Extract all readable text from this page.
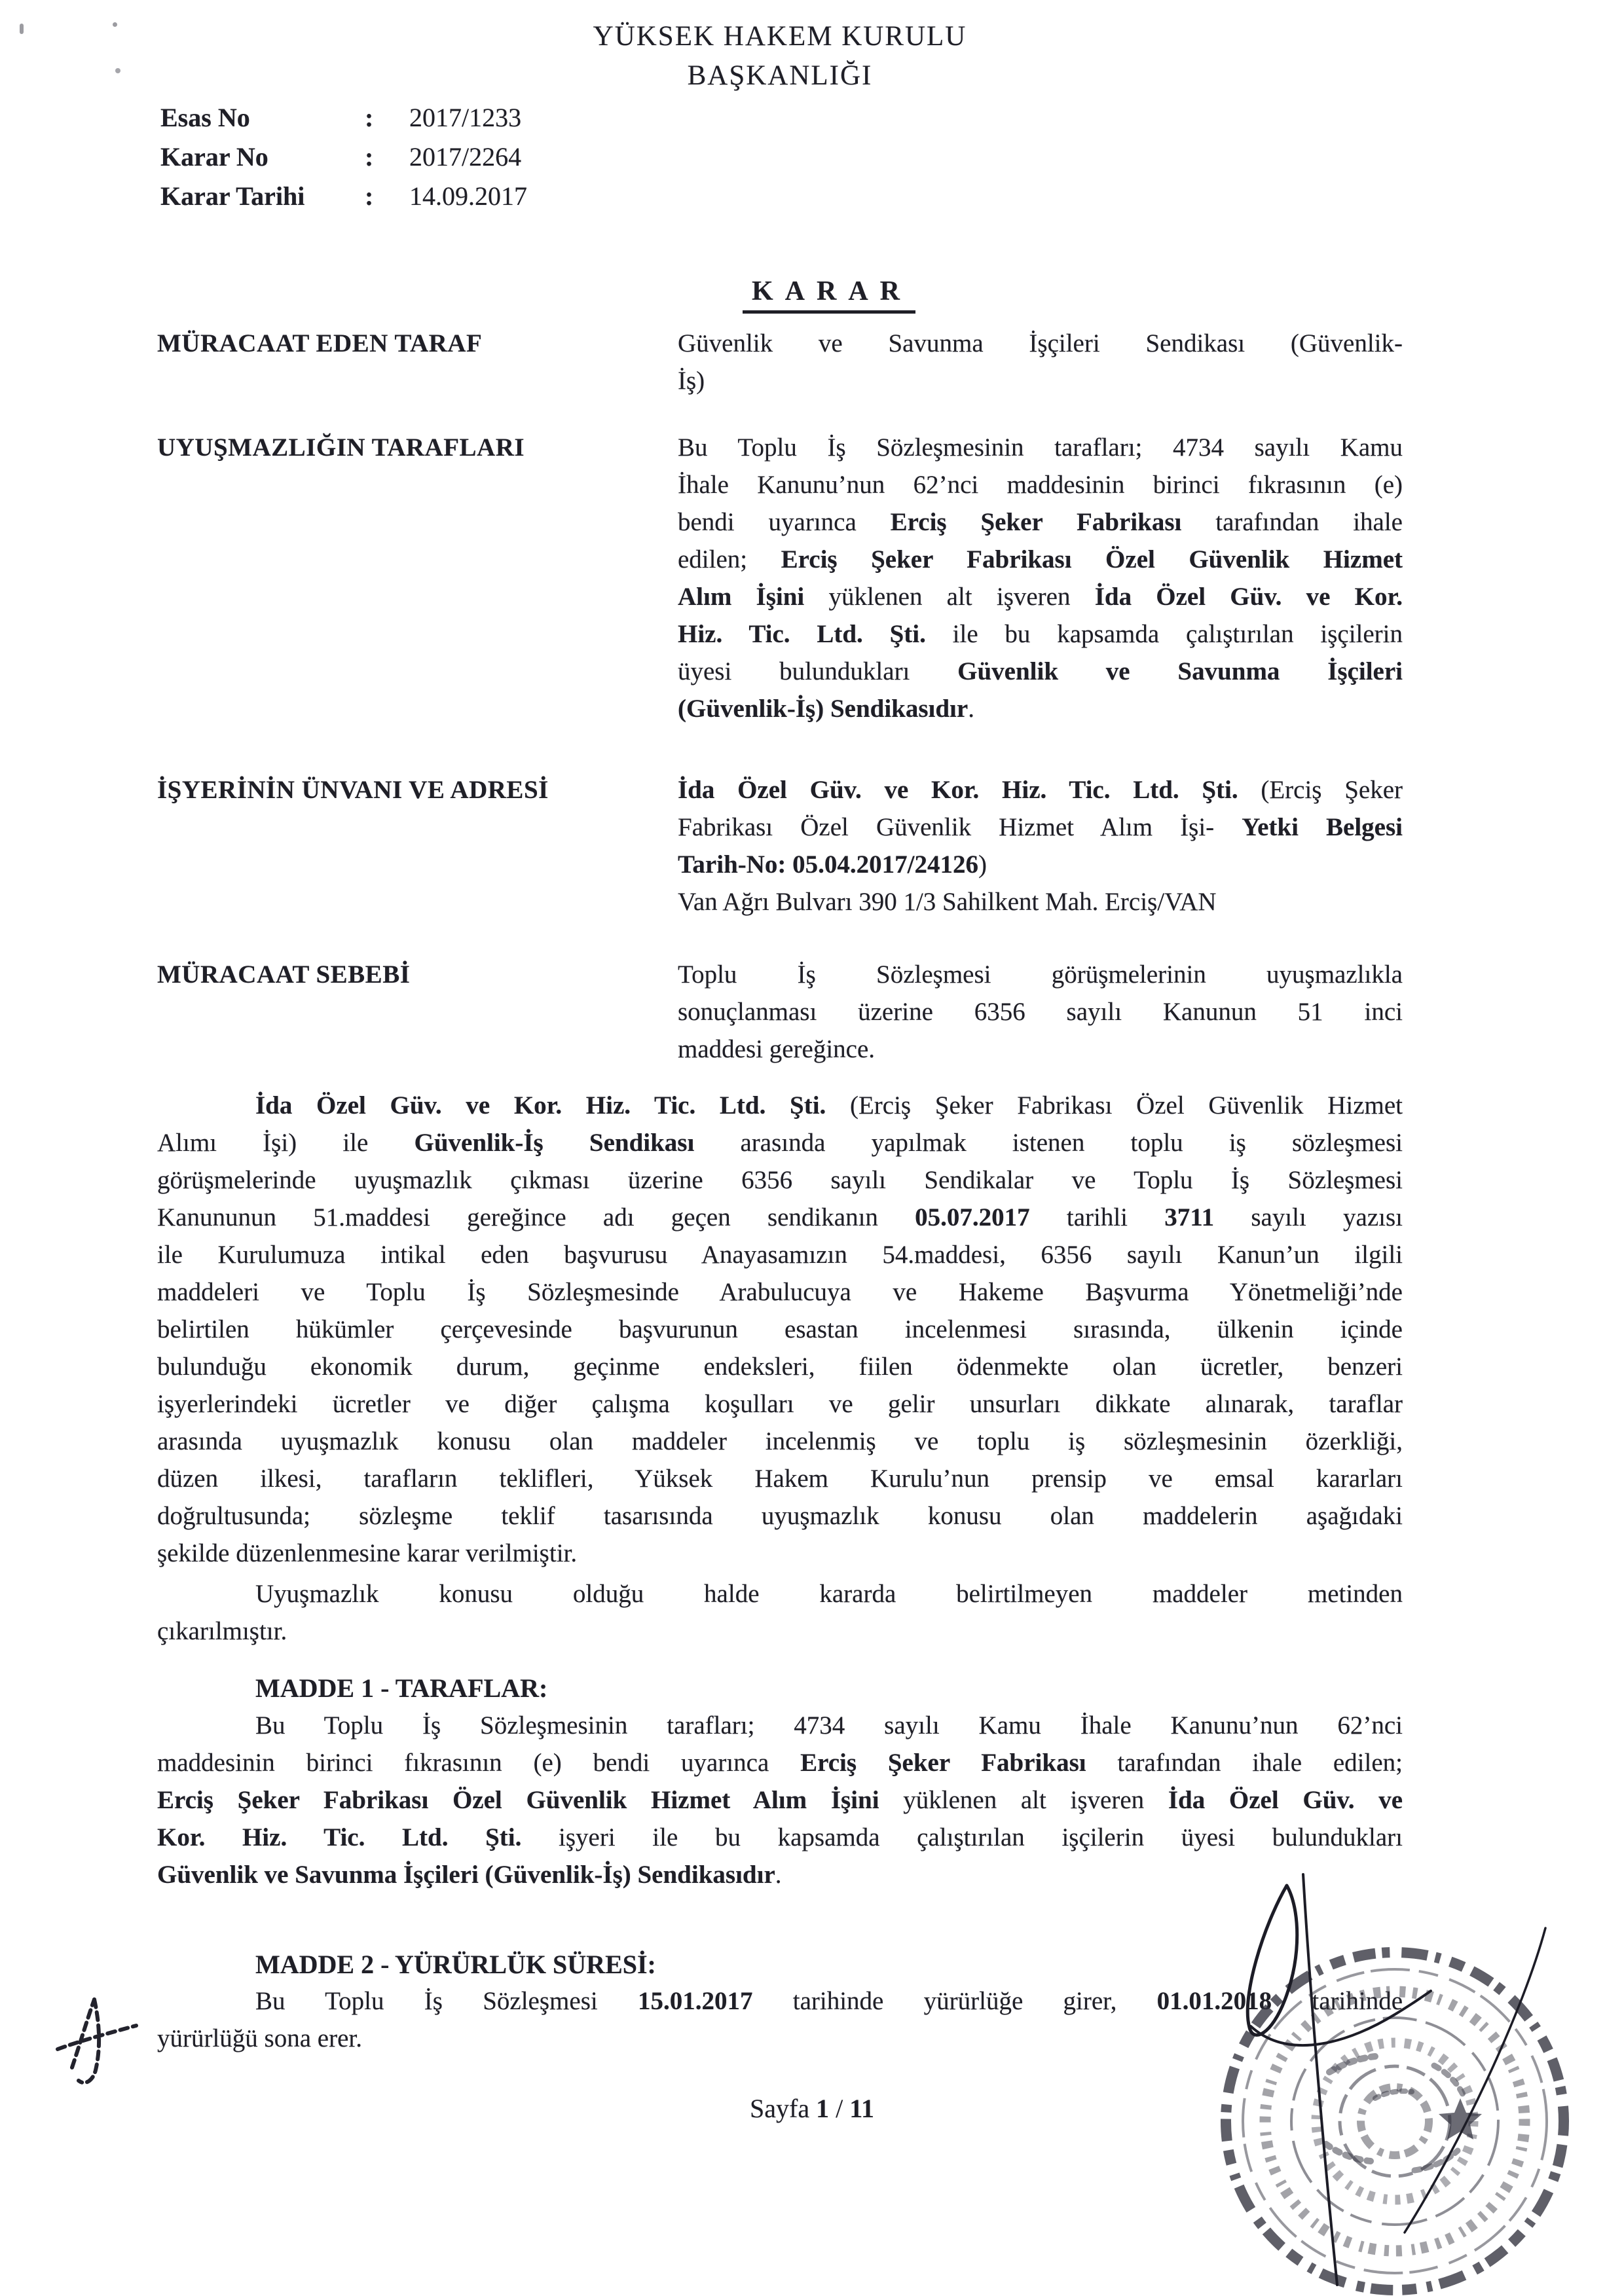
YÜKSEK HAKEM KURULU
BAŞKANLIĞI
Esas No	:	2017/1233
Karar No	:	2017/2264
Karar Tarihi	:	14.09.2017
KARAR
MÜRACAAT EDEN TARAF	Güvenlik ve Savunma İşçileri Sendikası (Güvenlik-
İş)
UYUŞMAZLIĞIN TARAFLARI	Bu Toplu İş Sözleşmesinin tarafları; 4734 sayılı Kamu
İhale Kanunu’nun 62’nci maddesinin birinci fıkrasının (e)
bendi uyarınca Erciş Şeker Fabrikası tarafından ihale
edilen; Erciş Şeker Fabrikası Özel Güvenlik Hizmet
Alım İşini yüklenen alt işveren İda Özel Güv. ve Kor.
Hiz. Tic. Ltd. Şti. ile bu kapsamda çalıştırılan işçilerin
üyesi bulundukları Güvenlik ve Savunma İşçileri
(Güvenlik-İş) Sendikasıdır.
İŞYERİNİN ÜNVANI VE ADRESİ	İda Özel Güv. ve Kor. Hiz. Tic. Ltd. Şti. (Erciş Şeker
Fabrikası Özel Güvenlik Hizmet Alım İşi- Yetki Belgesi
Tarih-No: 05.04.2017/24126)
Van Ağrı Bulvarı 390 1/3 Sahilkent Mah. Erciş/VAN
MÜRACAAT SEBEBİ	Toplu İş Sözleşmesi görüşmelerinin uyuşmazlıkla
sonuçlanması üzerine 6356 sayılı Kanunun 51 inci
maddesi gereğince.
İda Özel Güv. ve Kor. Hiz. Tic. Ltd. Şti. (Erciş Şeker Fabrikası Özel Güvenlik Hizmet
Alımı İşi) ile Güvenlik-İş Sendikası arasında yapılmak istenen toplu iş sözleşmesi
görüşmelerinde uyuşmazlık çıkması üzerine 6356 sayılı Sendikalar ve Toplu İş Sözleşmesi
Kanununun 51.maddesi gereğince adı geçen sendikanın 05.07.2017 tarihli 3711 sayılı yazısı
ile Kurulumuza intikal eden başvurusu Anayasamızın 54.maddesi, 6356 sayılı Kanun’un ilgili
maddeleri ve Toplu İş Sözleşmesinde Arabulucuya ve Hakeme Başvurma Yönetmeliği’nde
belirtilen hükümler çerçevesinde başvurunun esastan incelenmesi sırasında, ülkenin içinde
bulunduğu ekonomik durum, geçinme endeksleri, fiilen ödenmekte olan ücretler, benzeri
işyerlerindeki ücretler ve diğer çalışma koşulları ve gelir unsurları dikkate alınarak, taraflar
arasında uyuşmazlık konusu olan maddeler incelenmiş ve toplu iş sözleşmesinin özerkliği,
düzen ilkesi, tarafların teklifleri, Yüksek Hakem Kurulu’nun prensip ve emsal kararları
doğrultusunda; sözleşme teklif tasarısında uyuşmazlık konusu olan maddelerin aşağıdaki
şekilde düzenlenmesine karar verilmiştir.
Uyuşmazlık konusu olduğu halde kararda belirtilmeyen maddeler metinden
çıkarılmıştır.
MADDE 1 - TARAFLAR:
Bu Toplu İş Sözleşmesinin tarafları; 4734 sayılı Kamu İhale Kanunu’nun 62’nci
maddesinin birinci fıkrasının (e) bendi uyarınca Erciş Şeker Fabrikası tarafından ihale edilen;
Erciş Şeker Fabrikası Özel Güvenlik Hizmet Alım İşini yüklenen alt işveren İda Özel Güv. ve
Kor. Hiz. Tic. Ltd. Şti. işyeri ile bu kapsamda çalıştırılan işçilerin üyesi bulundukları
Güvenlik ve Savunma İşçileri (Güvenlik-İş) Sendikasıdır.
MADDE 2 - YÜRÜRLÜK SÜRESİ:
Bu Toplu İş Sözleşmesi 15.01.2017 tarihinde yürürlüğe girer, 01.01.2018 tarihinde
yürürlüğü sona erer.
Sayfa 1 / 11
